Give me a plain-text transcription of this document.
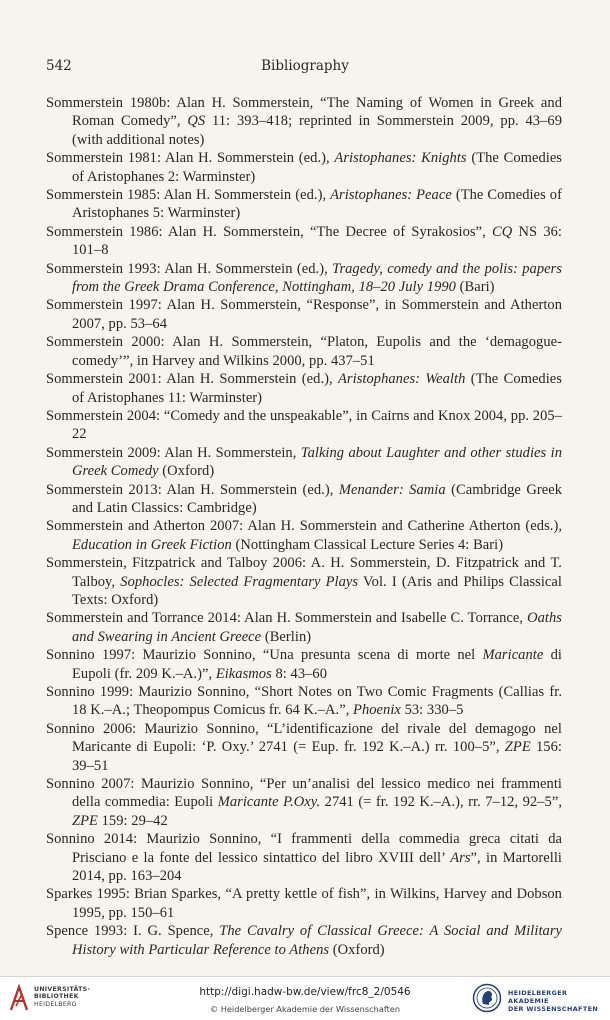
542	Bibliography

Sommerstein 1980b: Alan H. Sommerstein, “The Naming of Women in Greek and Roman Comedy”, QS 11: 393–418; reprinted in Sommerstein 2009, pp. 43–69 (with additional notes)

Sommerstein 1981: Alan H. Sommerstein (ed.), Aristophanes: Knights (The Comedies of Aristophanes 2: Warminster)

Sommerstein 1985: Alan H. Sommerstein (ed.), Aristophanes: Peace (The Comedies of Aristophanes 5: Warminster)

Sommerstein 1986: Alan H. Sommerstein, “The Decree of Syrakosios”, CQ NS 36: 101–8

Sommerstein 1993: Alan H. Sommerstein (ed.), Tragedy, comedy and the polis: papers from the Greek Drama Conference, Nottingham, 18–20 July 1990 (Bari)

Sommerstein 1997: Alan H. Sommerstein, “Response”, in Sommerstein and Atherton 2007, pp. 53–64

Sommerstein 2000: Alan H. Sommerstein, “Platon, Eupolis and the ‘demagogue-comedy’”, in Harvey and Wilkins 2000, pp. 437–51

Sommerstein 2001: Alan H. Sommerstein (ed.), Aristophanes: Wealth (The Comedies of Aristophanes 11: Warminster)

Sommerstein 2004: “Comedy and the unspeakable”, in Cairns and Knox 2004, pp. 205–22

Sommerstein 2009: Alan H. Sommerstein, Talking about Laughter and other studies in Greek Comedy (Oxford)

Sommerstein 2013: Alan H. Sommerstein (ed.), Menander: Samia (Cambridge Greek and Latin Classics: Cambridge)

Sommerstein and Atherton 2007: Alan H. Sommerstein and Catherine Atherton (eds.), Education in Greek Fiction (Nottingham Classical Lecture Series 4: Bari)

Sommerstein, Fitzpatrick and Talboy 2006: A. H. Sommerstein, D. Fitzpatrick and T. Talboy, Sophocles: Selected Fragmentary Plays Vol. I (Aris and Philips Classical Texts: Oxford)

Sommerstein and Torrance 2014: Alan H. Sommerstein and Isabelle C. Torrance, Oaths and Swearing in Ancient Greece (Berlin)

Sonnino 1997: Maurizio Sonnino, “Una presunta scena di morte nel Maricante di Eupoli (fr. 209 K.–A.)”, Eikasmos 8: 43–60

Sonnino 1999: Maurizio Sonnino, “Short Notes on Two Comic Fragments (Callias fr. 18 K.–A.; Theopompus Comicus fr. 64 K.–A.”, Phoenix 53: 330–5

Sonnino 2006: Maurizio Sonnino, “L’identificazione del rivale del demagogo nel Maricante di Eupoli: ‘P. Oxy.’ 2741 (= Eup. fr. 192 K.–A.) rr. 100–5”, ZPE 156: 39–51

Sonnino 2007: Maurizio Sonnino, “Per un’analisi del lessico medico nei frammenti della commedia: Eupoli Maricante P.Oxy. 2741 (= fr. 192 K.–A.), rr. 7–12, 92–5”, ZPE 159: 29–42

Sonnino 2014: Maurizio Sonnino, “I frammenti della commedia greca citati da Prisciano e la fonte del lessico sintattico del libro XVIII dell’ Ars”, in Martorelli 2014, pp. 163–204

Sparkes 1995: Brian Sparkes, “A pretty kettle of fish”, in Wilkins, Harvey and Dobson 1995, pp. 150–61

Spence 1993: I. G. Spence, The Cavalry of Classical Greece: A Social and Military History with Particular Reference to Athens (Oxford)

UNIVERSITÄTS-
BIBLIOTHEK
HEIDELBERG
http://digi.hadw-bw.de/view/frc8_2/0546
© Heidelberger Akademie der Wissenschaften
HEIDELBERGER AKADEMIE
DER WISSENSCHAFTEN
